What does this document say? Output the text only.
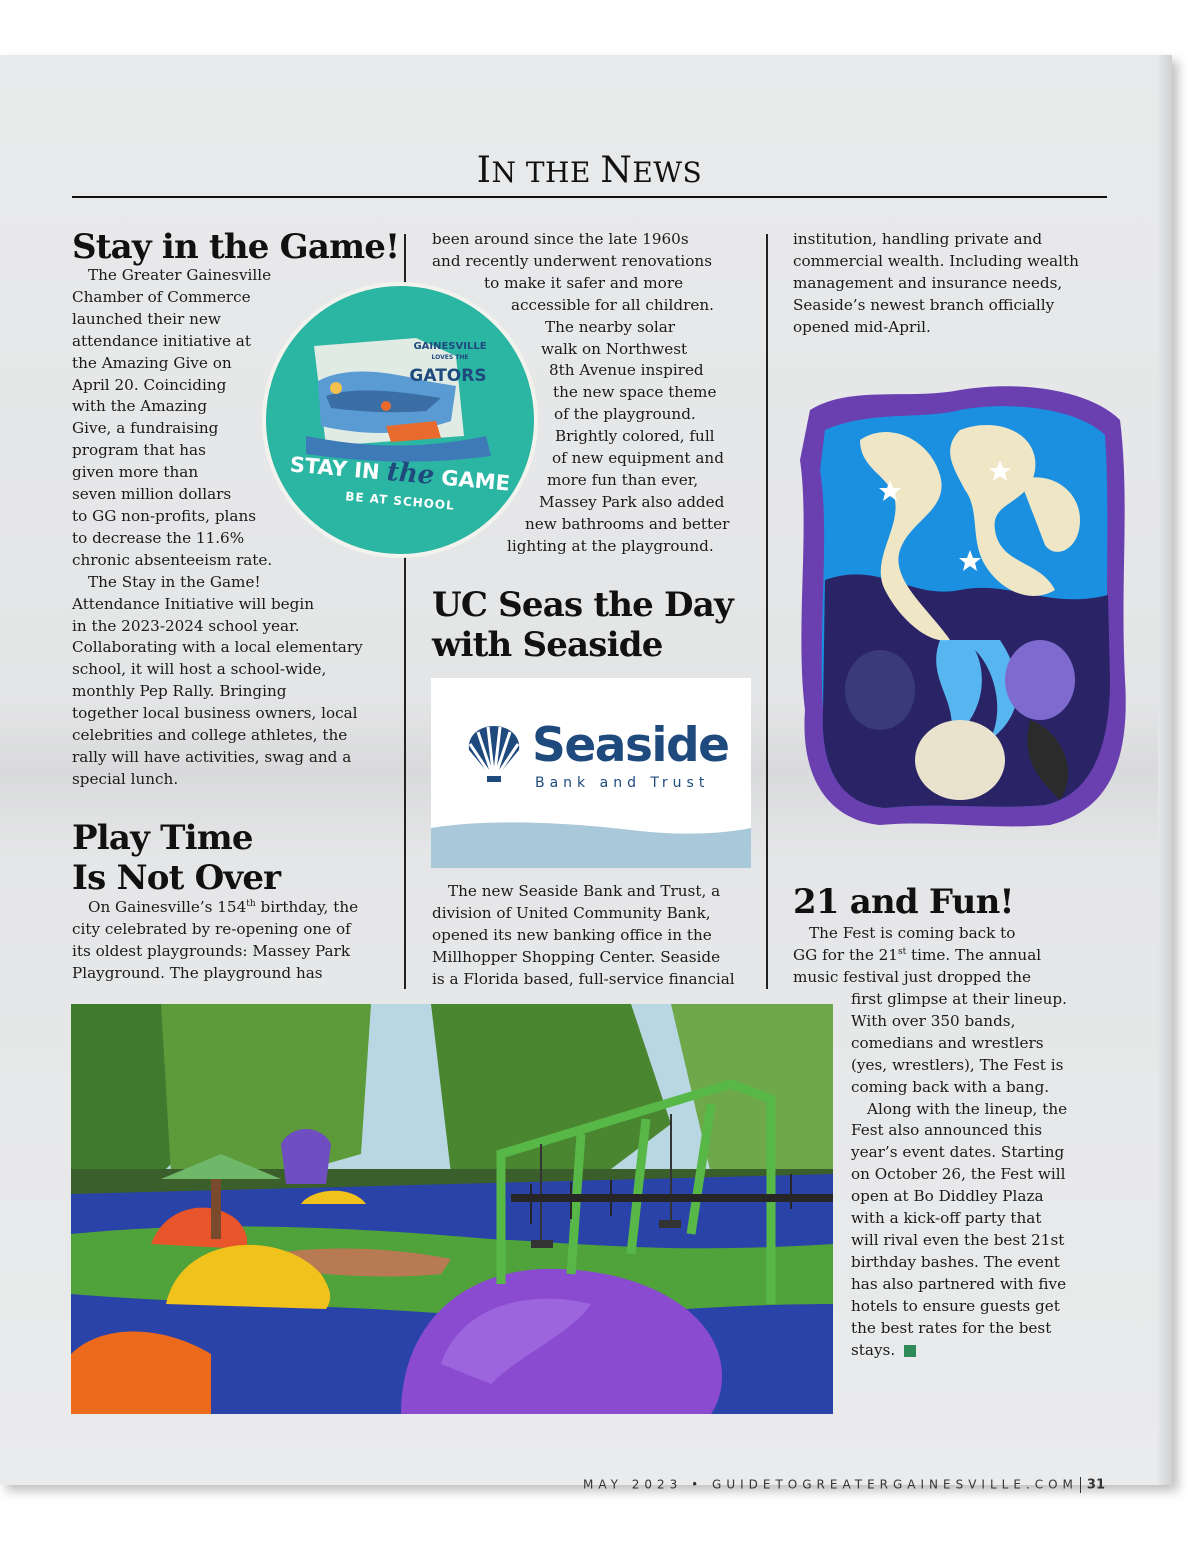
IN THE NEWS
Stay in the Game!
The Greater Gainesville
Chamber of Commerce
launched their new
attendance initiative at
the Amazing Give on
April 20. Coinciding
with the Amazing
Give, a fundraising
program that has
given more than
seven million dollars
to GG non-profits, plans
to decrease the 11.6%
chronic absenteeism rate.
The Stay in the Game!
Attendance Initiative will begin
in the 2023-2024 school year.
Collaborating with a local elementary
school, it will host a school-wide,
monthly Pep Rally. Bringing
together local business owners, local
celebrities and college athletes, the
rally will have activities, swag and a
special lunch.
GAINESVILLE
LOVES THE
GATORS
STAY IN the GAME
BE AT SCHOOL
Play Time
Is Not Over
On Gainesville’s 154th birthday, the
city celebrated by re-opening one of
its oldest playgrounds: Massey Park
Playground. The playground has
been around since the late 1960s
and recently underwent renovations
to make it safer and more
accessible for all children.
The nearby solar
walk on Northwest
8th Avenue inspired
the new space theme
of the playground.
Brightly colored, full
of new equipment and
more fun than ever,
Massey Park also added
new bathrooms and better
lighting at the playground.
UC Seas the Day
with Seaside
Seaside
Bank and Trust
The new Seaside Bank and Trust, a
division of United Community Bank,
opened its new banking office in the
Millhopper Shopping Center. Seaside
is a Florida based, full-service financial
institution, handling private and
commercial wealth. Including wealth
management and insurance needs,
Seaside’s newest branch officially
opened mid-April.
21 and Fun!
The Fest is coming back to
GG for the 21st time. The annual
music festival just dropped the
first glimpse at their lineup.
With over 350 bands,
comedians and wrestlers
(yes, wrestlers), The Fest is
coming back with a bang.
Along with the lineup, the
Fest also announced this
year’s event dates. Starting
on October 26, the Fest will
open at Bo Diddley Plaza
with a kick-off party that
will rival even the best 21st
birthday bashes. The event
has also partnered with five
hotels to ensure guests get
the best rates for the best
stays.
MAY 2023 • GUIDETOGREATERGAINESVILLE.COM 31
